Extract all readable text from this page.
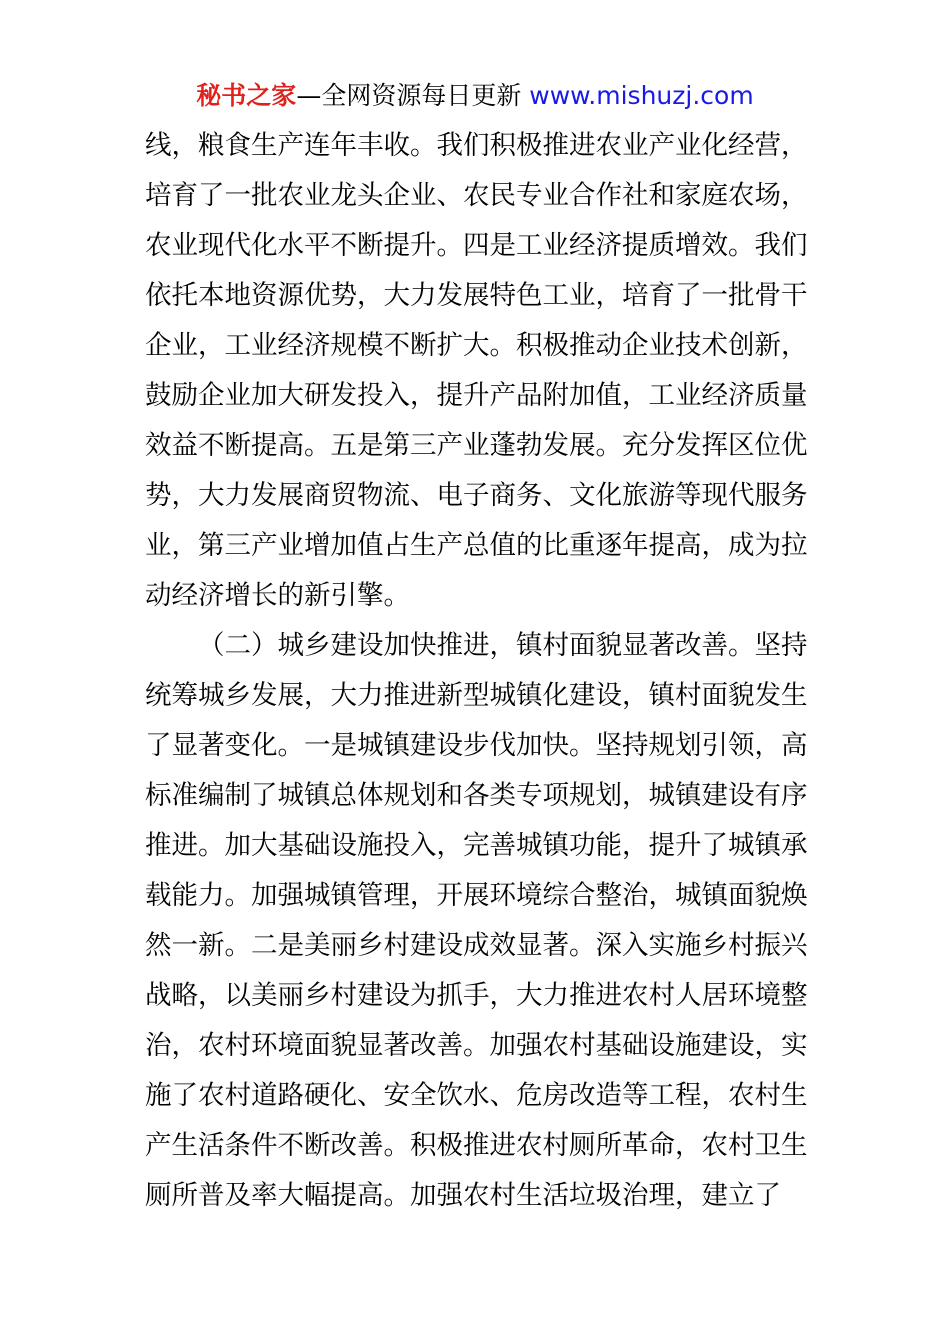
秘书之家—全网资源每日更新 www.mishuzj.com
线，粮食生产连年丰收。我们积极推进农业产业化经营，
培育了一批农业龙头企业、农民专业合作社和家庭农场，
农业现代化水平不断提升。四是工业经济提质增效。我们
依托本地资源优势，大力发展特色工业，培育了一批骨干
企业，工业经济规模不断扩大。积极推动企业技术创新，
鼓励企业加大研发投入，提升产品附加值，工业经济质量
效益不断提高。五是第三产业蓬勃发展。充分发挥区位优
势，大力发展商贸物流、电子商务、文化旅游等现代服务
业，第三产业增加值占生产总值的比重逐年提高，成为拉
动经济增长的新引擎。
（二）城乡建设加快推进，镇村面貌显著改善。坚持
统筹城乡发展，大力推进新型城镇化建设，镇村面貌发生
了显著变化。一是城镇建设步伐加快。坚持规划引领，高
标准编制了城镇总体规划和各类专项规划，城镇建设有序
推进。加大基础设施投入，完善城镇功能，提升了城镇承
载能力。加强城镇管理，开展环境综合整治，城镇面貌焕
然一新。二是美丽乡村建设成效显著。深入实施乡村振兴
战略，以美丽乡村建设为抓手，大力推进农村人居环境整
治，农村环境面貌显著改善。加强农村基础设施建设，实
施了农村道路硬化、安全饮水、危房改造等工程，农村生
产生活条件不断改善。积极推进农村厕所革命，农村卫生
厕所普及率大幅提高。加强农村生活垃圾治理，建立了
